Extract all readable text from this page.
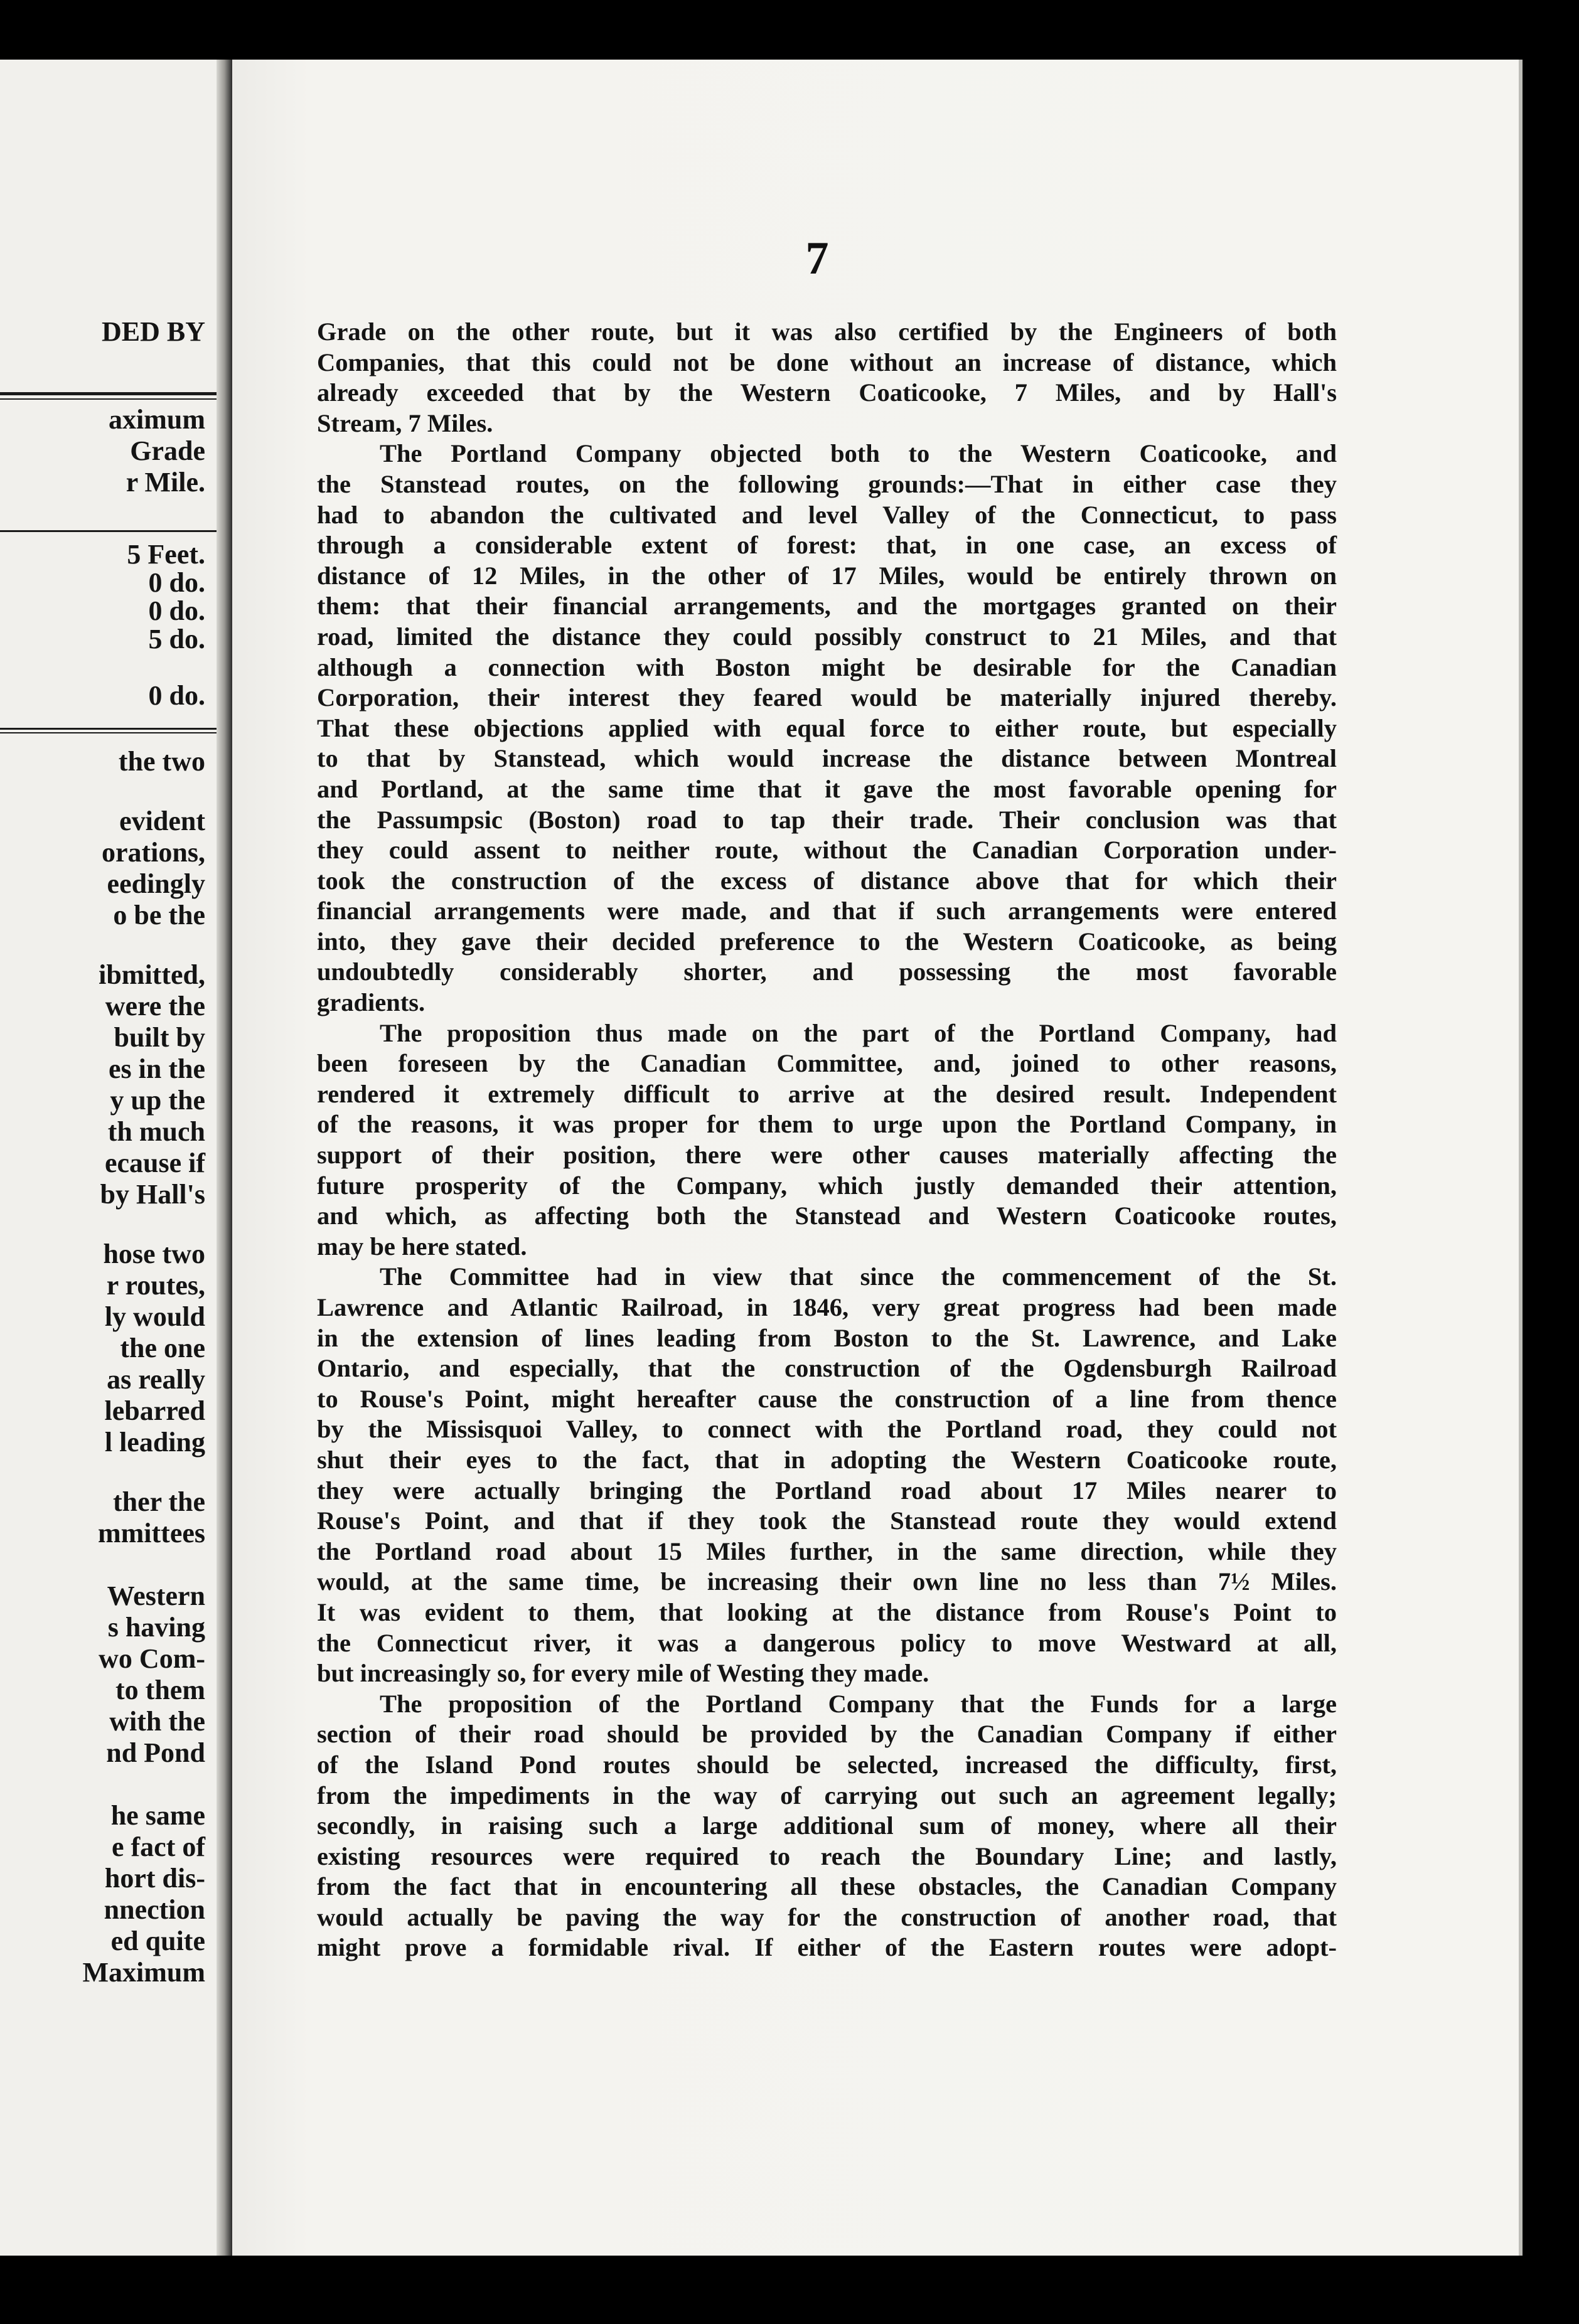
DED BY
aximum
Grade
r Mile.
5 Feet.
0 do.
0 do.
5 do.
0 do.
the two
evident
orations,
eedingly
o be the
ibmitted,
were the
built by
es in the
y up the
th much
ecause if
by Hall's
hose two
r routes,
ly would
the one
as really
lebarred
l leading
ther the
mmittees
Western
s having
wo Com-
to them
with the
nd Pond
he same
e fact of
hort dis-
nnection
ed quite
Maximum
7
Grade on the other route, but it was also certified by the Engineers of both
Companies, that this could not be done without an increase of distance, which
already exceeded that by the Western Coaticooke, 7 Miles, and by Hall's
Stream, 7 Miles.
The Portland Company objected both to the Western Coaticooke, and
the Stanstead routes, on the following grounds:—That in either case they
had to abandon the cultivated and level Valley of the Connecticut, to pass
through a considerable extent of forest: that, in one case, an excess of
distance of 12 Miles, in the other of 17 Miles, would be entirely thrown on
them: that their financial arrangements, and the mortgages granted on their
road, limited the distance they could possibly construct to 21 Miles, and that
although a connection with Boston might be desirable for the Canadian
Corporation, their interest they feared would be materially injured thereby.
That these objections applied with equal force to either route, but especially
to that by Stanstead, which would increase the distance between Montreal
and Portland, at the same time that it gave the most favorable opening for
the Passumpsic (Boston) road to tap their trade. Their conclusion was that
they could assent to neither route, without the Canadian Corporation under-
took the construction of the excess of distance above that for which their
financial arrangements were made, and that if such arrangements were entered
into, they gave their decided preference to the Western Coaticooke, as being
undoubtedly considerably shorter, and possessing the most favorable
gradients.
The proposition thus made on the part of the Portland Company, had
been foreseen by the Canadian Committee, and, joined to other reasons,
rendered it extremely difficult to arrive at the desired result. Independent
of the reasons, it was proper for them to urge upon the Portland Company, in
support of their position, there were other causes materially affecting the
future prosperity of the Company, which justly demanded their attention,
and which, as affecting both the Stanstead and Western Coaticooke routes,
may be here stated.
The Committee had in view that since the commencement of the St.
Lawrence and Atlantic Railroad, in 1846, very great progress had been made
in the extension of lines leading from Boston to the St. Lawrence, and Lake
Ontario, and especially, that the construction of the Ogdensburgh Railroad
to Rouse's Point, might hereafter cause the construction of a line from thence
by the Missisquoi Valley, to connect with the Portland road, they could not
shut their eyes to the fact, that in adopting the Western Coaticooke route,
they were actually bringing the Portland road about 17 Miles nearer to
Rouse's Point, and that if they took the Stanstead route they would extend
the Portland road about 15 Miles further, in the same direction, while they
would, at the same time, be increasing their own line no less than 7½ Miles.
It was evident to them, that looking at the distance from Rouse's Point to
the Connecticut river, it was a dangerous policy to move Westward at all,
but increasingly so, for every mile of Westing they made.
The proposition of the Portland Company that the Funds for a large
section of their road should be provided by the Canadian Company if either
of the Island Pond routes should be selected, increased the difficulty, first,
from the impediments in the way of carrying out such an agreement legally;
secondly, in raising such a large additional sum of money, where all their
existing resources were required to reach the Boundary Line; and lastly,
from the fact that in encountering all these obstacles, the Canadian Company
would actually be paving the way for the construction of another road, that
might prove a formidable rival. If either of the Eastern routes were adopt-
